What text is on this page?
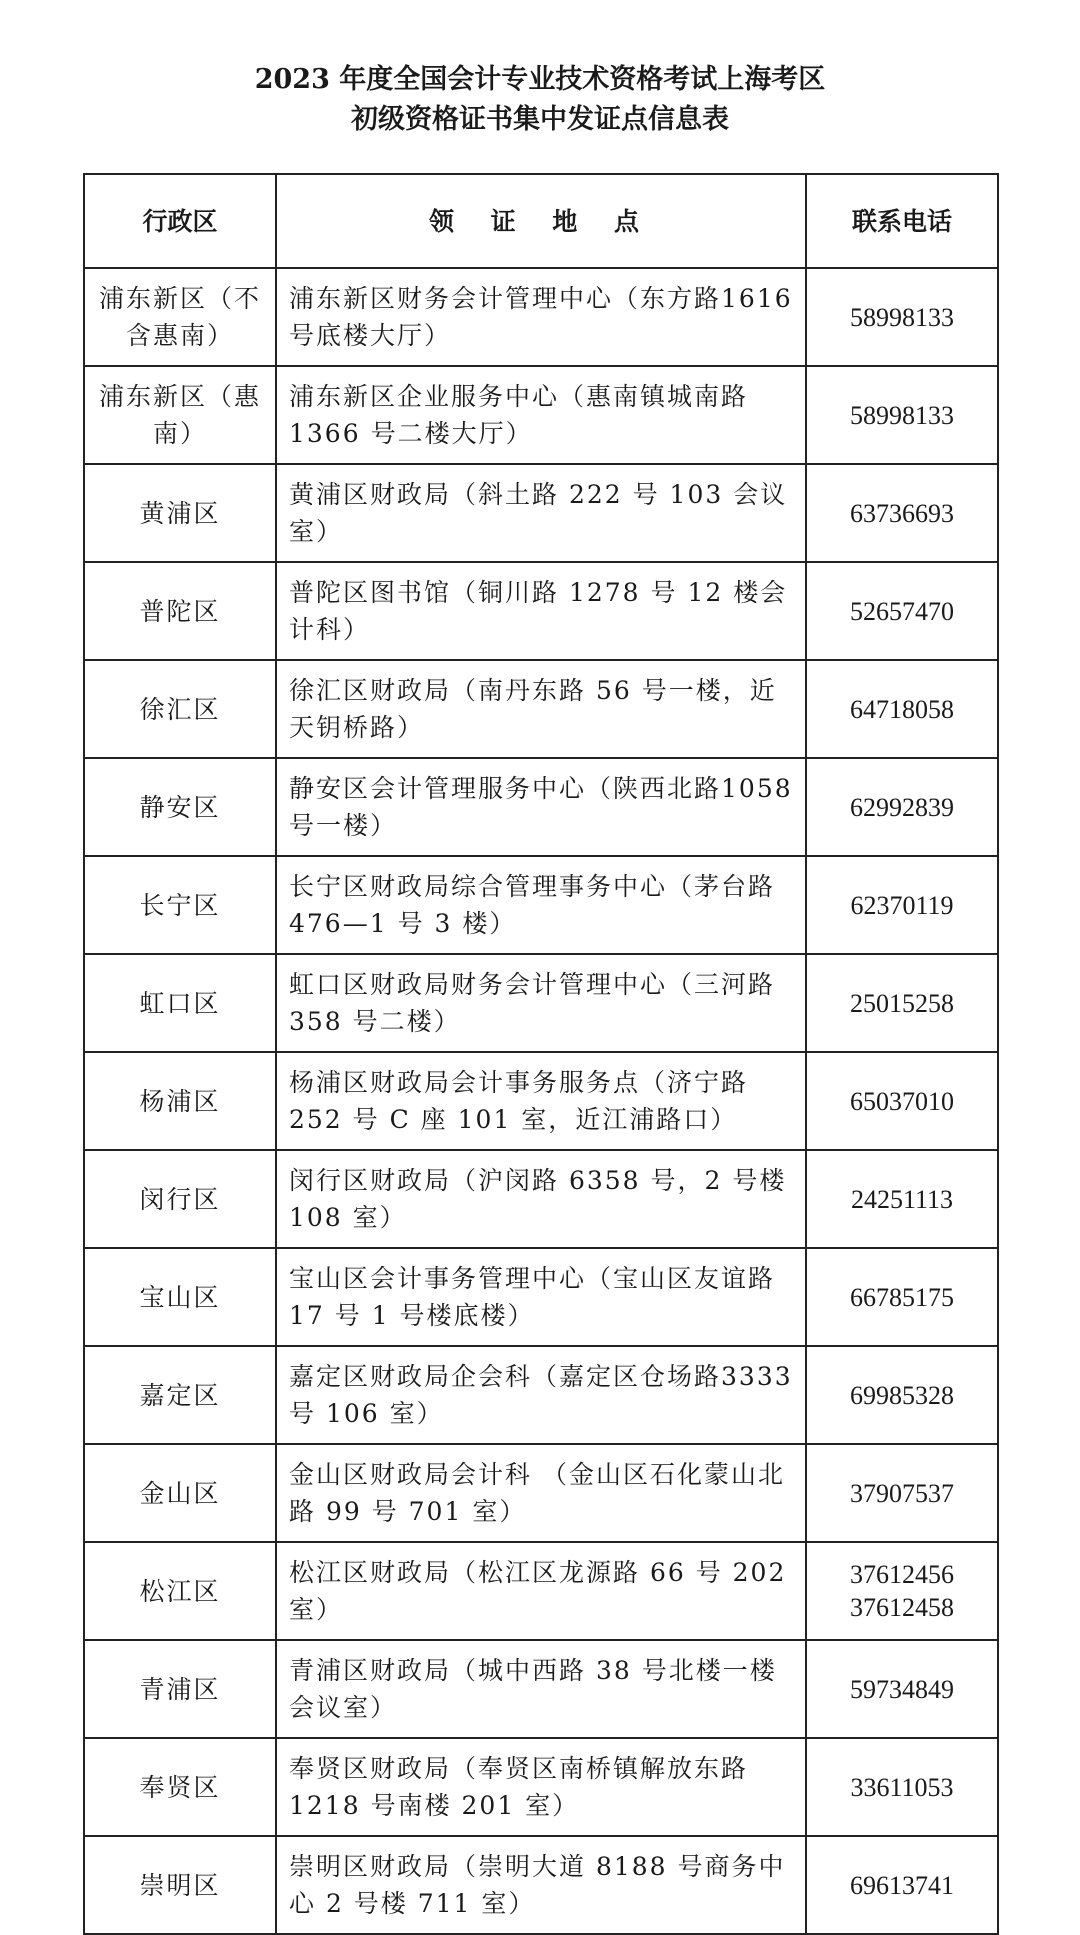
2023 年度全国会计专业技术资格考试上海考区
初级资格证书集中发证点信息表
行政区	领 证 地 点	联系电话
浦东新区（不含惠南）	浦东新区财务会计管理中心（东方路1616 号底楼大厅）	58998133

浦东新区（惠南）	浦东新区企业服务中心（惠南镇城南路1366 号二楼大厅）	58998133

黄浦区	黄浦区财政局（斜土路 222 号 103 会议室）	63736693

普陀区	普陀区图书馆（铜川路 1278 号 12 楼会计科）	52657470

徐汇区	徐汇区财政局（南丹东路 56 号一楼，近天钥桥路）	64718058

静安区	静安区会计管理服务中心（陕西北路1058 号一楼）	62992839

长宁区	长宁区财政局综合管理事务中心（茅台路 476—1 号 3 楼）	62370119

虹口区	虹口区财政局财务会计管理中心（三河路 358 号二楼）	25015258

杨浦区	杨浦区财政局会计事务服务点（济宁路252 号 C 座 101 室，近江浦路口）	65037010

闵行区	闵行区财政局（沪闵路 6358 号，2 号楼108 室）	24251113

宝山区	宝山区会计事务管理中心（宝山区友谊路 17 号 1 号楼底楼）	66785175

嘉定区	嘉定区财政局企会科（嘉定区仓场路3333 号 106 室）	69985328

金山区	金山区财政局会计科 （金山区石化蒙山北路 99 号 701 室）	37907537

松江区	松江区财政局（松江区龙源路 66 号 202室）	37612456
37612458

青浦区	青浦区财政局（城中西路 38 号北楼一楼会议室）	59734849

奉贤区	奉贤区财政局（奉贤区南桥镇解放东路1218 号南楼 201 室）	33611053

崇明区	崇明区财政局（崇明大道 8188 号商务中心 2 号楼 711 室）	69613741
